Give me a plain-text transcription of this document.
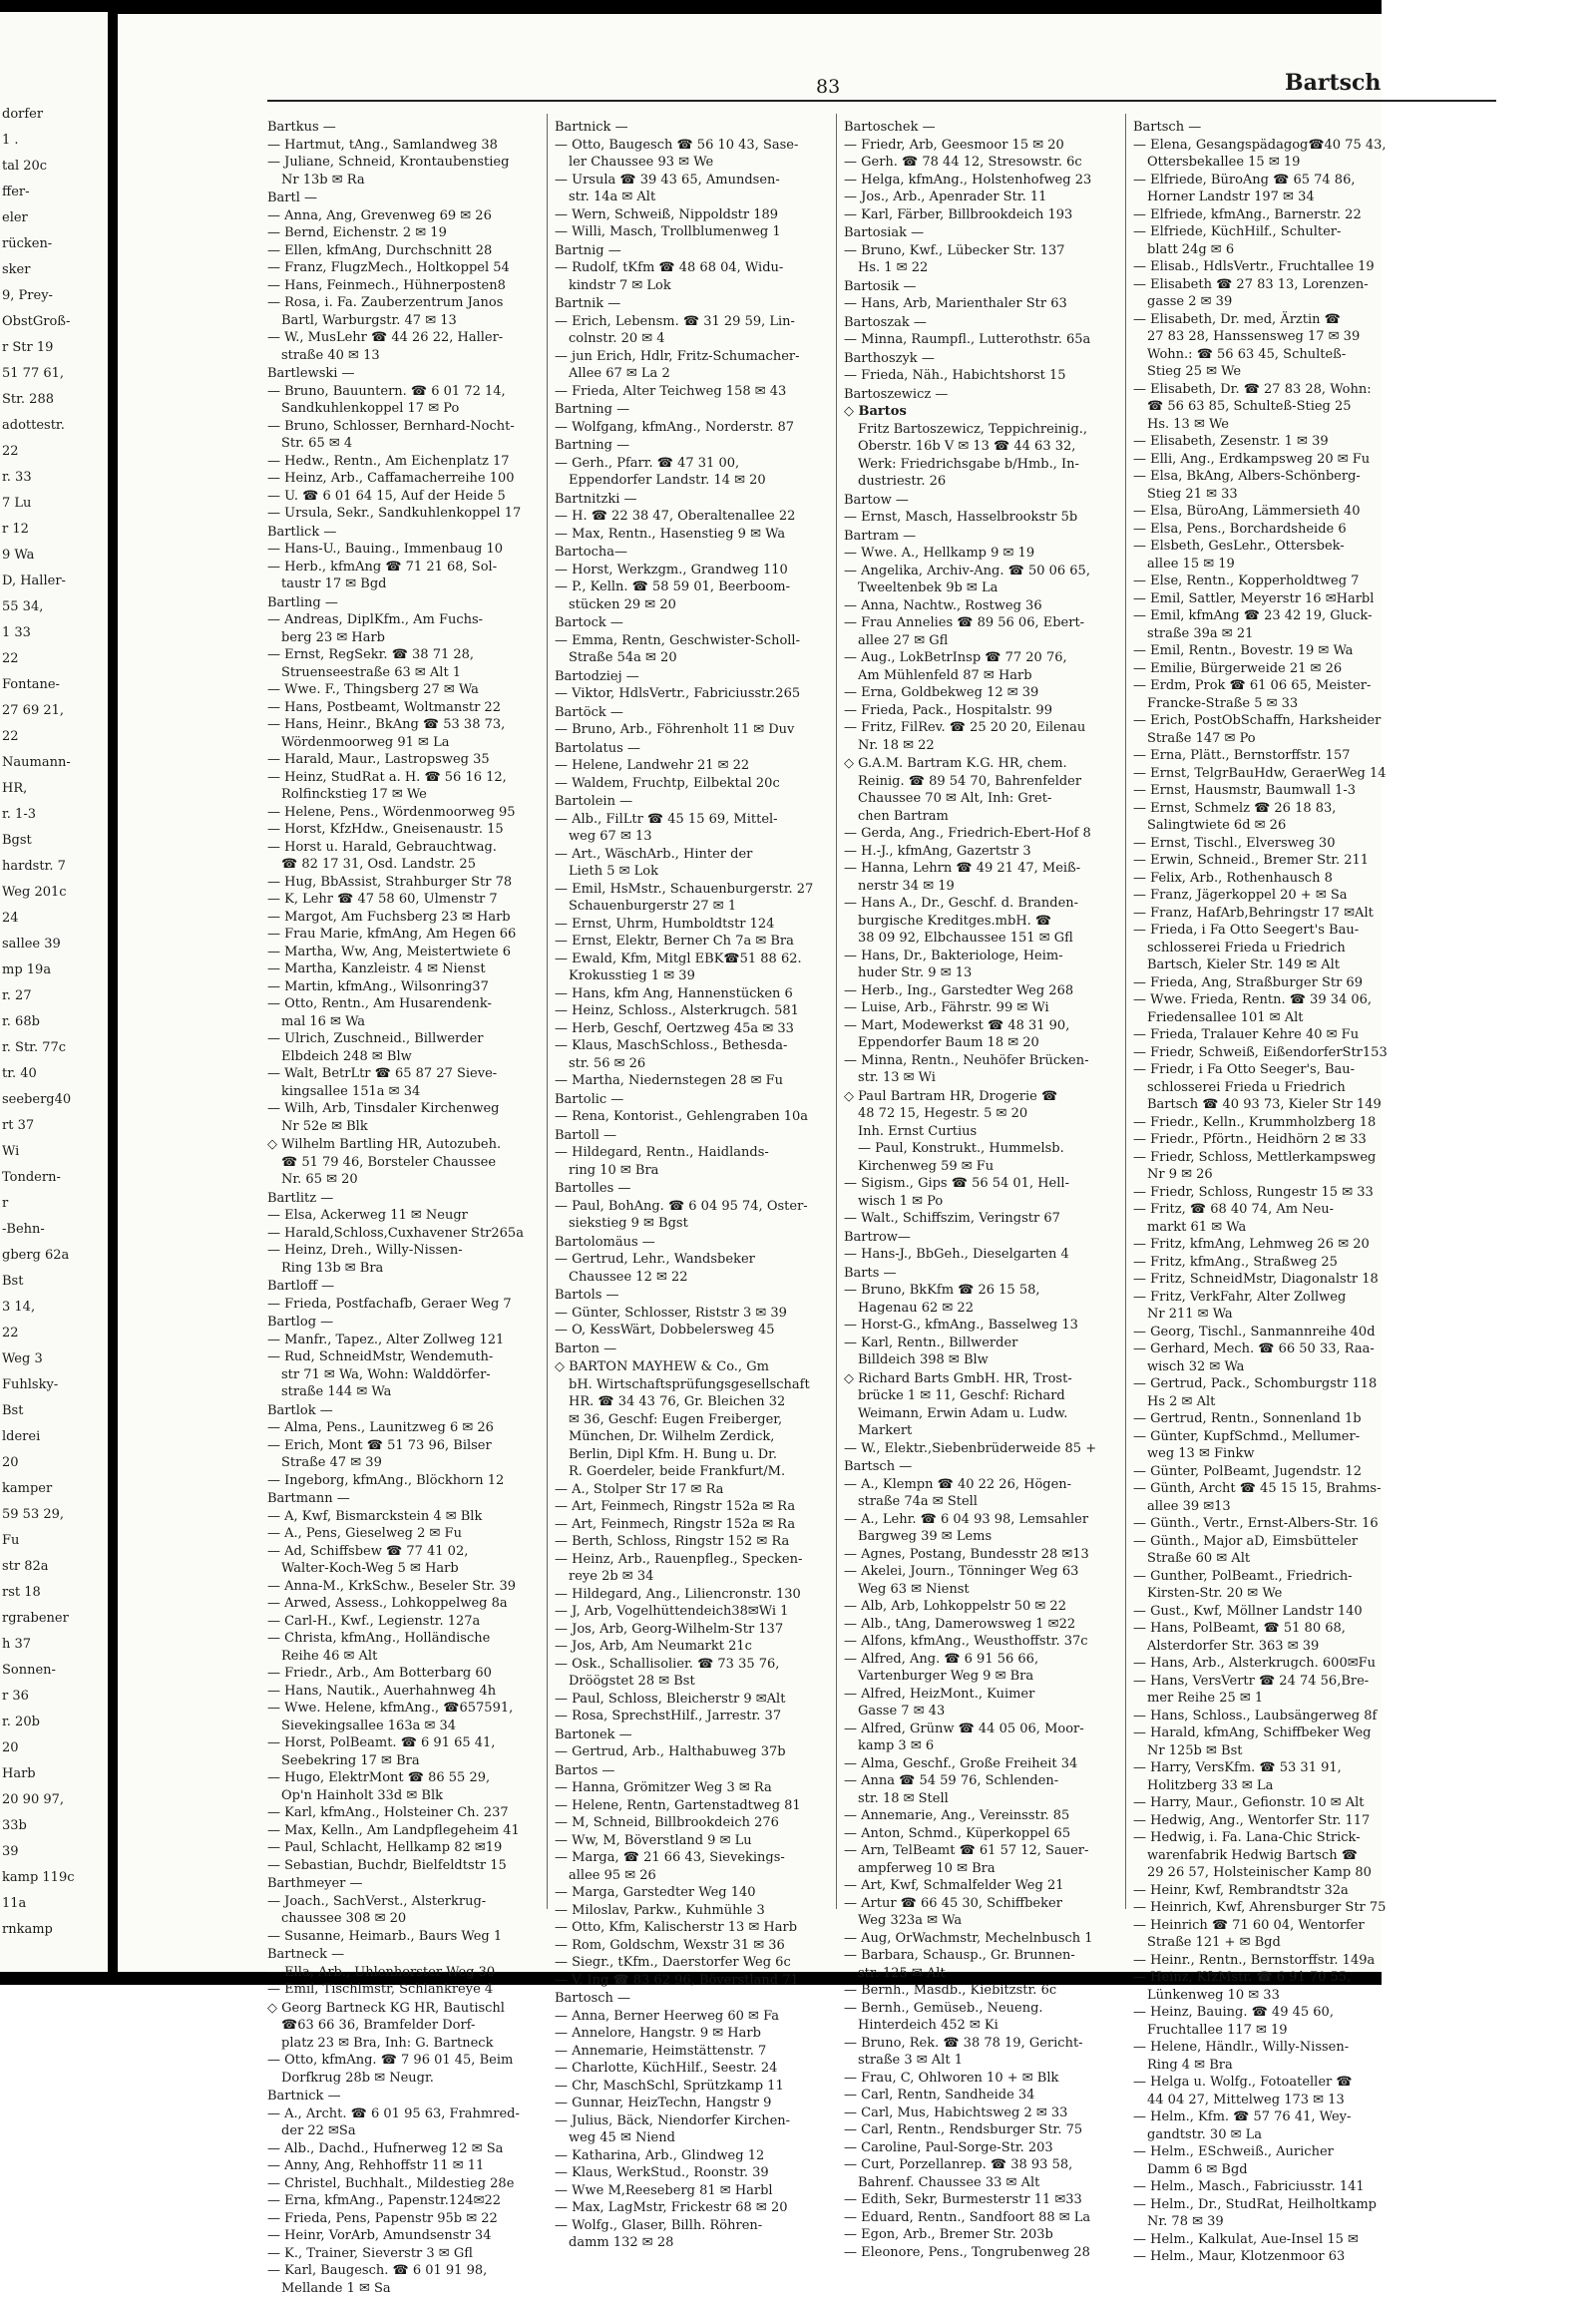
dorfer
1 .
tal 20c
ffer-
eler
rücken-
sker
9, Prey-
ObstGroß-
r Str 19
51 77 61,
Str. 288
adottestr.
22
r. 33
7 Lu
r 12
9 Wa
D, Haller-
55 34,
1 33
22
Fontane-
27 69 21,
22
Naumann-
HR,
r. 1-3
Bgst
hardstr. 7
Weg 201c
24
sallee 39
mp 19a
r. 27
r. 68b
r. Str. 77c
tr. 40
seeberg40
rt 37
Wi
Tondern-
r
-Behn-
gberg 62a
Bst
3 14,
22
Weg 3
Fuhlsky-
Bst
lderei
20
kamper
59 53 29,
Fu
str 82a
rst 18
rgrabener
h 37
Sonnen-
r 36
r. 20b
20
Harb
20 90 97,
33b
39
kamp 119c
11a
rnkamp
83	Bartsch
Bartkus —
— Hartmut, tAng., Samlandweg 38
— Juliane, Schneid, Krontaubenstieg
Nr 13b ✉ Ra
Bartl —
— Anna, Ang, Grevenweg 69 ✉ 26
— Bernd, Eichenstr. 2 ✉ 19
— Ellen, kfmAng, Durchschnitt 28
— Franz, FlugzMech., Holtkoppel 54
— Hans, Feinmech., Hühnerposten8
— Rosa, i. Fa. Zauberzentrum Janos
Bartl, Warburgstr. 47 ✉ 13
— W., MusLehr ☎ 44 26 22, Haller-
straße 40 ✉ 13
Bartlewski —
— Bruno, Bauuntern. ☎ 6 01 72 14,
Sandkuhlenkoppel 17 ✉ Po
— Bruno, Schlosser, Bernhard-Nocht-
Str. 65 ✉ 4
— Hedw., Rentn., Am Eichenplatz 17
— Heinz, Arb., Caffamacherreihe 100
— U. ☎ 6 01 64 15, Auf der Heide 5
— Ursula, Sekr., Sandkuhlenkoppel 17
Bartlick —
— Hans-U., Bauing., Immenbaug 10
— Herb., kfmAng ☎ 71 21 68, Sol-
taustr 17 ✉ Bgd
Bartling —
— Andreas, DiplKfm., Am Fuchs-
berg 23 ✉ Harb
— Ernst, RegSekr. ☎ 38 71 28,
Struenseestraße 63 ✉ Alt 1
— Wwe. F., Thingsberg 27 ✉ Wa
— Hans, Postbeamt, Woltmanstr 22
— Hans, Heinr., BkAng ☎ 53 38 73,
Wördenmoorweg 91 ✉ La
— Harald, Maur., Lastropsweg 35
— Heinz, StudRat a. H. ☎ 56 16 12,
Rolfinckstieg 17 ✉ We
— Helene, Pens., Wördenmoorweg 95
— Horst, KfzHdw., Gneisenaustr. 15
— Horst u. Harald, Gebrauchtwag.
☎ 82 17 31, Osd. Landstr. 25
— Hug, BbAssist, Strahburger Str 78
— K, Lehr ☎ 47 58 60, Ulmenstr 7
— Margot, Am Fuchsberg 23 ✉ Harb
— Frau Marie, kfmAng, Am Hegen 66
— Martha, Ww, Ang, Meistertwiete 6
— Martha, Kanzleistr. 4 ✉ Nienst
— Martin, kfmAng., Wilsonring37
— Otto, Rentn., Am Husarendenk-
mal 16 ✉ Wa
— Ulrich, Zuschneid., Billwerder
Elbdeich 248 ✉ Blw
— Walt, BetrLtr ☎ 65 87 27 Sieve-
kingsallee 151a ✉ 34
— Wilh, Arb, Tinsdaler Kirchenweg
Nr 52e ✉ Blk
◇ Wilhelm Bartling HR, Autozubeh.
☎ 51 79 46, Borsteler Chaussee
Nr. 65 ✉ 20
Bartlitz —
— Elsa, Ackerweg 11 ✉ Neugr
— Harald,Schloss,Cuxhavener Str265a
— Heinz, Dreh., Willy-Nissen-
Ring 13b ✉ Bra
Bartloff —
— Frieda, Postfachafb, Geraer Weg 7
Bartlog —
— Manfr., Tapez., Alter Zollweg 121
— Rud, SchneidMstr, Wendemuth-
str 71 ✉ Wa, Wohn: Walddörfer-
straße 144 ✉ Wa
Bartlok —
— Alma, Pens., Launitzweg 6 ✉ 26
— Erich, Mont ☎ 51 73 96, Bilser
Straße 47 ✉ 39
— Ingeborg, kfmAng., Blöckhorn 12
Bartmann —
— A, Kwf, Bismarckstein 4 ✉ Blk
— A., Pens, Gieselweg 2 ✉ Fu
— Ad, Schiffsbew ☎ 77 41 02,
Walter-Koch-Weg 5 ✉ Harb
— Anna-M., KrkSchw., Beseler Str. 39
— Arwed, Assess., Lohkoppelweg 8a
— Carl-H., Kwf., Legienstr. 127a
— Christa, kfmAng., Holländische
Reihe 46 ✉ Alt
— Friedr., Arb., Am Botterbarg 60
— Hans, Nautik., Auerhahnweg 4h
— Wwe. Helene, kfmAng., ☎657591,
Sievekingsallee 163a ✉ 34
— Horst, PolBeamt. ☎ 6 91 65 41,
Seebekring 17 ✉ Bra
— Hugo, ElektrMont ☎ 86 55 29,
Op'n Hainholt 33d ✉ Blk
— Karl, kfmAng., Holsteiner Ch. 237
— Max, Kelln., Am Landpflegeheim 41
— Paul, Schlacht, Hellkamp 82 ✉19
— Sebastian, Buchdr, Bielfeldtstr 15
Barthmeyer —
— Joach., SachVerst., Alsterkrug-
chaussee 308 ✉ 20
— Susanne, Heimarb., Baurs Weg 1
Bartneck —
— Ella, Arb., Uhlenhorster Weg 30
— Emil, Tischlmstr, Schlankreye 4
◇ Georg Bartneck KG HR, Bautischl
☎63 66 36, Bramfelder Dorf-
platz 23 ✉ Bra, Inh: G. Bartneck
— Otto, kfmAng. ☎ 7 96 01 45, Beim
Dorfkrug 28b ✉ Neugr.
Bartnick —
— A., Archt. ☎ 6 01 95 63, Frahmred-
der 22 ✉Sa
— Alb., Dachd., Hufnerweg 12 ✉ Sa
— Anny, Ang, Rehhoffstr 11 ✉ 11
— Christel, Buchhalt., Mildestieg 28e
— Erna, kfmAng., Papenstr.124✉22
— Frieda, Pens, Papenstr 95b ✉ 22
— Heinr, VorArb, Amundsenstr 34
— K., Trainer, Sieverstr 3 ✉ Gfl
— Karl, Baugesch. ☎ 6 01 91 98,
Mellande 1 ✉ Sa
Bartnick —
— Otto, Baugesch ☎ 56 10 43, Sase-
ler Chaussee 93 ✉ We
— Ursula ☎ 39 43 65, Amundsen-
str. 14a ✉ Alt
— Wern, Schweiß, Nippoldstr 189
— Willi, Masch, Trollblumenweg 1
Bartnig —
— Rudolf, tKfm ☎ 48 68 04, Widu-
kindstr 7 ✉ Lok
Bartnik —
— Erich, Lebensm. ☎ 31 29 59, Lin-
colnstr. 20 ✉ 4
— jun Erich, Hdlr, Fritz-Schumacher-
Allee 67 ✉ La 2
— Frieda, Alter Teichweg 158 ✉ 43
Bartning —
— Wolfgang, kfmAng., Norderstr. 87
Bartning —
— Gerh., Pfarr. ☎ 47 31 00,
Eppendorfer Landstr. 14 ✉ 20
Bartnitzki —
— H. ☎ 22 38 47, Oberaltenallee 22
— Max, Rentn., Hasenstieg 9 ✉ Wa
Bartocha—
— Horst, Werkzgm., Grandweg 110
— P., Kelln. ☎ 58 59 01, Beerboom-
stücken 29 ✉ 20
Bartock —
— Emma, Rentn, Geschwister-Scholl-
Straße 54a ✉ 20
Bartodziej —
— Viktor, HdlsVertr., Fabriciusstr.265
Bartöck —
— Bruno, Arb., Föhrenholt 11 ✉ Duv
Bartolatus —
— Helene, Landwehr 21 ✉ 22
— Waldem, Fruchtp, Eilbektal 20c
Bartolein —
— Alb., FilLtr ☎ 45 15 69, Mittel-
weg 67 ✉ 13
— Art., WäschArb., Hinter der
Lieth 5 ✉ Lok
— Emil, HsMstr., Schauenburgerstr. 27
Schauenburgerstr 27 ✉ 1
— Ernst, Uhrm, Humboldtstr 124
— Ernst, Elektr, Berner Ch 7a ✉ Bra
— Ewald, Kfm, Mitgl EBK☎51 88 62.
Krokusstieg 1 ✉ 39
— Hans, kfm Ang, Hannenstücken 6
— Heinz, Schloss., Alsterkrugch. 581
— Herb, Geschf, Oertzweg 45a ✉ 33
— Klaus, MaschSchloss., Bethesda-
str. 56 ✉ 26
— Martha, Niedernstegen 28 ✉ Fu
Bartolic —
— Rena, Kontorist., Gehlengraben 10a
Bartoll —
— Hildegard, Rentn., Haidlands-
ring 10 ✉ Bra
Bartolles —
— Paul, BohAng. ☎ 6 04 95 74, Oster-
siekstieg 9 ✉ Bgst
Bartolomäus —
— Gertrud, Lehr., Wandsbeker
Chaussee 12 ✉ 22
Bartols —
— Günter, Schlosser, Riststr 3 ✉ 39
— O, KessWärt, Dobbelersweg 45
Barton —
◇ BARTON MAYHEW & Co., Gm
bH. Wirtschaftsprüfungsgesellschaft
HR. ☎ 34 43 76, Gr. Bleichen 32
✉ 36, Geschf: Eugen Freiberger,
München, Dr. Wilhelm Zerdick,
Berlin, Dipl Kfm. H. Bung u. Dr.
R. Goerdeler, beide Frankfurt/M.
— A., Stolper Str 17 ✉ Ra
— Art, Feinmech, Ringstr 152a ✉ Ra
— Art, Feinmech, Ringstr 152a ✉ Ra
— Berth, Schloss, Ringstr 152 ✉ Ra
— Heinz, Arb., Rauenpfleg., Specken-
reye 2b ✉ 34
— Hildegard, Ang., Liliencronstr. 130
— J, Arb, Vogelhüttendeich38✉Wi 1
— Jos, Arb, Georg-Wilhelm-Str 137
— Jos, Arb, Am Neumarkt 21c
— Osk., Schallisolier. ☎ 73 35 76,
Dröögstet 28 ✉ Bst
— Paul, Schloss, Bleicherstr 9 ✉Alt
— Rosa, SprechstHilf., Jarrestr. 37
Bartonek —
— Gertrud, Arb., Halthabuweg 37b
Bartos —
— Hanna, Grömitzer Weg 3 ✉ Ra
— Helene, Rentn, Gartenstadtweg 81
— M, Schneid, Billbrookdeich 276
— Ww, M, Böverstland 9 ✉ Lu
— Marga, ☎ 21 66 43, Sievekings-
allee 95 ✉ 26
— Marga, Garstedter Weg 140
— Miloslav, Parkw., Kuhmühle 3
— Otto, Kfm, Kalischerstr 13 ✉ Harb
— Rom, Goldschm, Wexstr 31 ✉ 36
— Siegr., tKfm., Daerstorfer Weg 6c
— V. Ing ☎ 83 62 96, Böverstland 71
Bartosch —
— Anna, Berner Heerweg 60 ✉ Fa
— Annelore, Hangstr. 9 ✉ Harb
— Annemarie, Heimstättenstr. 7
— Charlotte, KüchHilf., Seestr. 24
— Chr, MaschSchl, Sprützkamp 11
— Gunnar, HeizTechn, Hangstr 9
— Julius, Bäck, Niendorfer Kirchen-
weg 45 ✉ Niend
— Katharina, Arb., Glindweg 12
— Klaus, WerkStud., Roonstr. 39
— Wwe M,Reeseberg 81 ✉ Harbl
— Max, LagMstr, Frickestr 68 ✉ 20
— Wolfg., Glaser, Billh. Röhren-
damm 132 ✉ 28
Bartoschek —
— Friedr, Arb, Geesmoor 15 ✉ 20
— Gerh. ☎ 78 44 12, Stresowstr. 6c
— Helga, kfmAng., Holstenhofweg 23
— Jos., Arb., Apenrader Str. 11
— Karl, Färber, Billbrookdeich 193
Bartosiak —
— Bruno, Kwf., Lübecker Str. 137
Hs. 1 ✉ 22
Bartosik —
— Hans, Arb, Marienthaler Str 63
Bartoszak —
— Minna, Raumpfl., Lutterothstr. 65a
Barthoszyk —
— Frieda, Näh., Habichtshorst 15
Bartoszewicz —
◇ Bartos
Fritz Bartoszewicz, Teppichreinig.,
Oberstr. 16b V ✉ 13 ☎ 44 63 32,
Werk: Friedrichsgabe b/Hmb., In-
dustriestr. 26
Bartow —
— Ernst, Masch, Hasselbrookstr 5b
Bartram —
— Wwe. A., Hellkamp 9 ✉ 19
— Angelika, Archiv-Ang. ☎ 50 06 65,
Tweeltenbek 9b ✉ La
— Anna, Nachtw., Rostweg 36
— Frau Annelies ☎ 89 56 06, Ebert-
allee 27 ✉ Gfl
— Aug., LokBetrInsp ☎ 77 20 76,
Am Mühlenfeld 87 ✉ Harb
— Erna, Goldbekweg 12 ✉ 39
— Frieda, Pack., Hospitalstr. 99
— Fritz, FilRev. ☎ 25 20 20, Eilenau
Nr. 18 ✉ 22
◇ G.A.M. Bartram K.G. HR, chem.
Reinig. ☎ 89 54 70, Bahrenfelder
Chaussee 70 ✉ Alt, Inh: Gret-
chen Bartram
— Gerda, Ang., Friedrich-Ebert-Hof 8
— H.-J., kfmAng, Gazertstr 3
— Hanna, Lehrn ☎ 49 21 47, Meiß-
nerstr 34 ✉ 19
— Hans A., Dr., Geschf. d. Branden-
burgische Kreditges.mbH. ☎
38 09 92, Elbchaussee 151 ✉ Gfl
— Hans, Dr., Bakteriologe, Heim-
huder Str. 9 ✉ 13
— Herb., Ing., Garstedter Weg 268
— Luise, Arb., Fährstr. 99 ✉ Wi
— Mart, Modewerkst ☎ 48 31 90,
Eppendorfer Baum 18 ✉ 20
— Minna, Rentn., Neuhöfer Brücken-
str. 13 ✉ Wi
◇ Paul Bartram HR, Drogerie ☎
48 72 15, Hegestr. 5 ✉ 20
Inh. Ernst Curtius
— Paul, Konstrukt., Hummelsb.
Kirchenweg 59 ✉ Fu
— Sigism., Gips ☎ 56 54 01, Hell-
wisch 1 ✉ Po
— Walt., Schiffszim, Veringstr 67
Bartrow—
— Hans-J., BbGeh., Dieselgarten 4
Barts —
— Bruno, BkKfm ☎ 26 15 58,
Hagenau 62 ✉ 22
— Horst-G., kfmAng., Basselweg 13
— Karl, Rentn., Billwerder
Billdeich 398 ✉ Blw
◇ Richard Barts GmbH. HR, Trost-
brücke 1 ✉ 11, Geschf: Richard
Weimann, Erwin Adam u. Ludw.
Markert
— W., Elektr.,Siebenbrüderweide 85 +
Bartsch —
— A., Klempn ☎ 40 22 26, Högen-
straße 74a ✉ Stell
— A., Lehr. ☎ 6 04 93 98, Lemsahler
Bargweg 39 ✉ Lems
— Agnes, Postang, Bundesstr 28 ✉13
— Akelei, Journ., Tönninger Weg 63
Weg 63 ✉ Nienst
— Alb, Arb, Lohkoppelstr 50 ✉ 22
— Alb., tAng, Damerowsweg 1 ✉22
— Alfons, kfmAng., Weusthoffstr. 37c
— Alfred, Ang. ☎ 6 91 56 66,
Vartenburger Weg 9 ✉ Bra
— Alfred, HeizMont., Kuimer
Gasse 7 ✉ 43
— Alfred, Grünw ☎ 44 05 06, Moor-
kamp 3 ✉ 6
— Alma, Geschf., Große Freiheit 34
— Anna ☎ 54 59 76, Schlenden-
str. 18 ✉ Stell
— Annemarie, Ang., Vereinsstr. 85
— Anton, Schmd., Küperkoppel 65
— Arn, TelBeamt ☎ 61 57 12, Sauer-
ampferweg 10 ✉ Bra
— Art, Kwf, Schmalfelder Weg 21
— Artur ☎ 66 45 30, Schiffbeker
Weg 323a ✉ Wa
— Aug, OrWachmstr, Mechelnbusch 1
— Barbara, Schausp., Gr. Brunnen-
str. 125 ✉ Alt
— Bernh., Masdb., Kiebitzstr. 6c
— Bernh., Gemüseb., Neueng.
Hinterdeich 452 ✉ Ki
— Bruno, Rek. ☎ 38 78 19, Gericht-
straße 3 ✉ Alt 1
— Frau, C, Ohlworen 10 + ✉ Blk
— Carl, Rentn, Sandheide 34
— Carl, Mus, Habichtsweg 2 ✉ 33
— Carl, Rentn., Rendsburger Str. 75
— Caroline, Paul-Sorge-Str. 203
— Curt, Porzellanrep. ☎ 38 93 58,
Bahrenf. Chaussee 33 ✉ Alt
— Edith, Sekr, Burmesterstr 11 ✉33
— Eduard, Rentn., Sandfoort 88 ✉ La
— Egon, Arb., Bremer Str. 203b
— Eleonore, Pens., Tongrubenweg 28
Bartsch —
— Elena, Gesangspädagog☎40 75 43,
Ottersbekallee 15 ✉ 19
— Elfriede, BüroAng ☎ 65 74 86,
Horner Landstr 197 ✉ 34
— Elfriede, kfmAng., Barnerstr. 22
— Elfriede, KüchHilf., Schulter-
blatt 24g ✉ 6
— Elisab., HdlsVertr., Fruchtallee 19
— Elisabeth ☎ 27 83 13, Lorenzen-
gasse 2 ✉ 39
— Elisabeth, Dr. med, Ärztin ☎
27 83 28, Hanssensweg 17 ✉ 39
Wohn.: ☎ 56 63 45, Schulteß-
Stieg 25 ✉ We
— Elisabeth, Dr. ☎ 27 83 28, Wohn:
☎ 56 63 85, Schulteß-Stieg 25
Hs. 13 ✉ We
— Elisabeth, Zesenstr. 1 ✉ 39
— Elli, Ang., Erdkampsweg 20 ✉ Fu
— Elsa, BkAng, Albers-Schönberg-
Stieg 21 ✉ 33
— Elsa, BüroAng, Lämmersieth 40
— Elsa, Pens., Borchardsheide 6
— Elsbeth, GesLehr., Ottersbek-
allee 15 ✉ 19
— Else, Rentn., Kopperholdtweg 7
— Emil, Sattler, Meyerstr 16 ✉Harbl
— Emil, kfmAng ☎ 23 42 19, Gluck-
straße 39a ✉ 21
— Emil, Rentn., Bovestr. 19 ✉ Wa
— Emilie, Bürgerweide 21 ✉ 26
— Erdm, Prok ☎ 61 06 65, Meister-
Francke-Straße 5 ✉ 33
— Erich, PostObSchaffn, Harksheider
Straße 147 ✉ Po
— Erna, Plätt., Bernstorffstr. 157
— Ernst, TelgrBauHdw, GeraerWeg 14
— Ernst, Hausmstr, Baumwall 1-3
— Ernst, Schmelz ☎ 26 18 83,
Salingtwiete 6d ✉ 26
— Ernst, Tischl., Elversweg 30
— Erwin, Schneid., Bremer Str. 211
— Felix, Arb., Rothenhausch 8
— Franz, Jägerkoppel 20 + ✉ Sa
— Franz, HafArb,Behringstr 17 ✉Alt
— Frieda, i Fa Otto Seegert's Bau-
schlosserei Frieda u Friedrich
Bartsch, Kieler Str. 149 ✉ Alt
— Frieda, Ang, Straßburger Str 69
— Wwe. Frieda, Rentn. ☎ 39 34 06,
Friedensallee 101 ✉ Alt
— Frieda, Tralauer Kehre 40 ✉ Fu
— Friedr, Schweiß, EißendorferStr153
— Friedr, i Fa Otto Seeger's, Bau-
schlosserei Frieda u Friedrich
Bartsch ☎ 40 93 73, Kieler Str 149
— Friedr., Kelln., Krummholzberg 18
— Friedr., Pförtn., Heidhörn 2 ✉ 33
— Friedr, Schloss, Mettlerkampsweg
Nr 9 ✉ 26
— Friedr, Schloss, Rungestr 15 ✉ 33
— Fritz, ☎ 68 40 74, Am Neu-
markt 61 ✉ Wa
— Fritz, kfmAng, Lehmweg 26 ✉ 20
— Fritz, kfmAng., Straßweg 25
— Fritz, SchneidMstr, Diagonalstr 18
— Fritz, VerkFahr, Alter Zollweg
Nr 211 ✉ Wa
— Georg, Tischl., Sanmannreihe 40d
— Gerhard, Mech. ☎ 66 50 33, Raa-
wisch 32 ✉ Wa
— Gertrud, Pack., Schomburgstr 118
Hs 2 ✉ Alt
— Gertrud, Rentn., Sonnenland 1b
— Günter, KupfSchmd., Mellumer-
weg 13 ✉ Finkw
— Günter, PolBeamt, Jugendstr. 12
— Günth, Archt ☎ 45 15 15, Brahms-
allee 39 ✉13
— Günth., Vertr., Ernst-Albers-Str. 16
— Günth., Major aD, Eimsbütteler
Straße 60 ✉ Alt
— Gunther, PolBeamt., Friedrich-
Kirsten-Str. 20 ✉ We
— Gust., Kwf, Möllner Landstr 140
— Hans, PolBeamt, ☎ 51 80 68,
Alsterdorfer Str. 363 ✉ 39
— Hans, Arb., Alsterkrugch. 600✉Fu
— Hans, VersVertr ☎ 24 74 56,Bre-
mer Reihe 25 ✉ 1
— Hans, Schloss., Laubsängerweg 8f
— Harald, kfmAng, Schiffbeker Weg
Nr 125b ✉ Bst
— Harry, VersKfm. ☎ 53 31 91,
Holitzberg 33 ✉ La
— Harry, Maur., Gefionstr. 10 ✉ Alt
— Hedwig, Ang., Wentorfer Str. 117
— Hedwig, i. Fa. Lana-Chic Strick-
warenfabrik Hedwig Bartsch ☎
29 26 57, Holsteinischer Kamp 80
— Heinr, Kwf, Rembrandtstr 32a
— Heinrich, Kwf, Ahrensburger Str 75
— Heinrich ☎ 71 60 04, Wentorfer
Straße 121 + ✉ Bgd
— Heinr., Rentn., Bernstorffstr. 149a
— Heinz, KfzMstr. ☎ 6 91 70 55,
Lünkenweg 10 ✉ 33
— Heinz, Bauing. ☎ 49 45 60,
Fruchtallee 117 ✉ 19
— Helene, Händlr., Willy-Nissen-
Ring 4 ✉ Bra
— Helga u. Wolfg., Fotoateller ☎
44 04 27, Mittelweg 173 ✉ 13
— Helm., Kfm. ☎ 57 76 41, Wey-
gandtstr. 30 ✉ La
— Helm., ESchweiß., Auricher
Damm 6 ✉ Bgd
— Helm., Masch., Fabriciusstr. 141
— Helm., Dr., StudRat, Heilholtkamp
Nr. 78 ✉ 39
— Helm., Kalkulat, Aue-Insel 15 ✉
— Helm., Maur, Klotzenmoor 63
